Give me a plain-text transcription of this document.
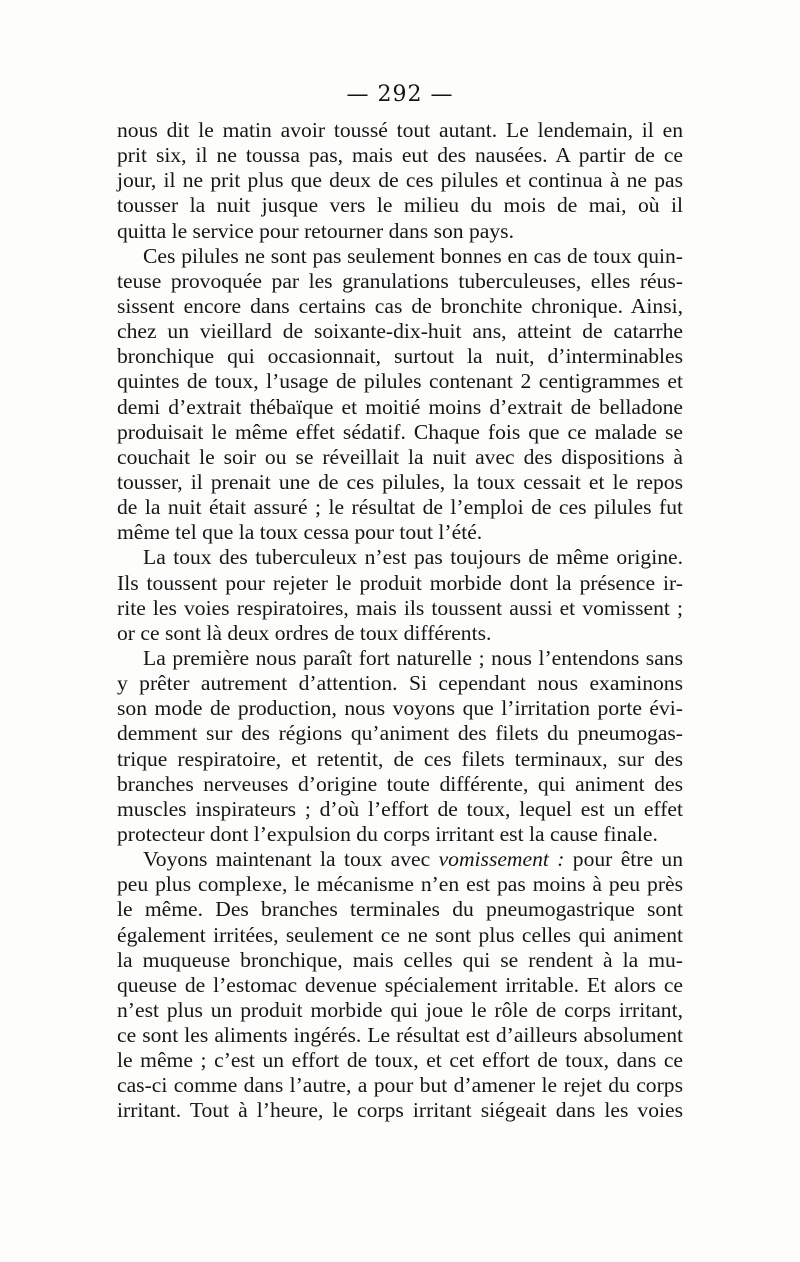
— 292 —
nous dit le matin avoir toussé tout autant. Le lendemain, il en
prit six, il ne toussa pas, mais eut des nausées. A partir de ce
jour, il ne prit plus que deux de ces pilules et continua à ne pas
tousser la nuit jusque vers le milieu du mois de mai, où il
quitta le service pour retourner dans son pays.
Ces pilules ne sont pas seulement bonnes en cas de toux quin-
teuse provoquée par les granulations tuberculeuses, elles réus-
sissent encore dans certains cas de bronchite chronique. Ainsi,
chez un vieillard de soixante-dix-huit ans, atteint de catarrhe
bronchique qui occasionnait, surtout la nuit, d’interminables
quintes de toux, l’usage de pilules contenant 2 centigrammes et
demi d’extrait thébaïque et moitié moins d’extrait de belladone
produisait le même effet sédatif. Chaque fois que ce malade se
couchait le soir ou se réveillait la nuit avec des dispositions à
tousser, il prenait une de ces pilules, la toux cessait et le repos
de la nuit était assuré ; le résultat de l’emploi de ces pilules fut
même tel que la toux cessa pour tout l’été.
La toux des tuberculeux n’est pas toujours de même origine.
Ils toussent pour rejeter le produit morbide dont la présence ir-
rite les voies respiratoires, mais ils toussent aussi et vomissent ;
or ce sont là deux ordres de toux différents.
La première nous paraît fort naturelle ; nous l’entendons sans
y prêter autrement d’attention. Si cependant nous examinons
son mode de production, nous voyons que l’irritation porte évi-
demment sur des régions qu’animent des filets du pneumogas-
trique respiratoire, et retentit, de ces filets terminaux, sur des
branches nerveuses d’origine toute différente, qui animent des
muscles inspirateurs ; d’où l’effort de toux, lequel est un effet
protecteur dont l’expulsion du corps irritant est la cause finale.
Voyons maintenant la toux avec vomissement : pour être un
peu plus complexe, le mécanisme n’en est pas moins à peu près
le même. Des branches terminales du pneumogastrique sont
également irritées, seulement ce ne sont plus celles qui animent
la muqueuse bronchique, mais celles qui se rendent à la mu-
queuse de l’estomac devenue spécialement irritable. Et alors ce
n’est plus un produit morbide qui joue le rôle de corps irritant,
ce sont les aliments ingérés. Le résultat est d’ailleurs absolument
le même ; c’est un effort de toux, et cet effort de toux, dans ce
cas-ci comme dans l’autre, a pour but d’amener le rejet du corps
irritant. Tout à l’heure, le corps irritant siégeait dans les voies
